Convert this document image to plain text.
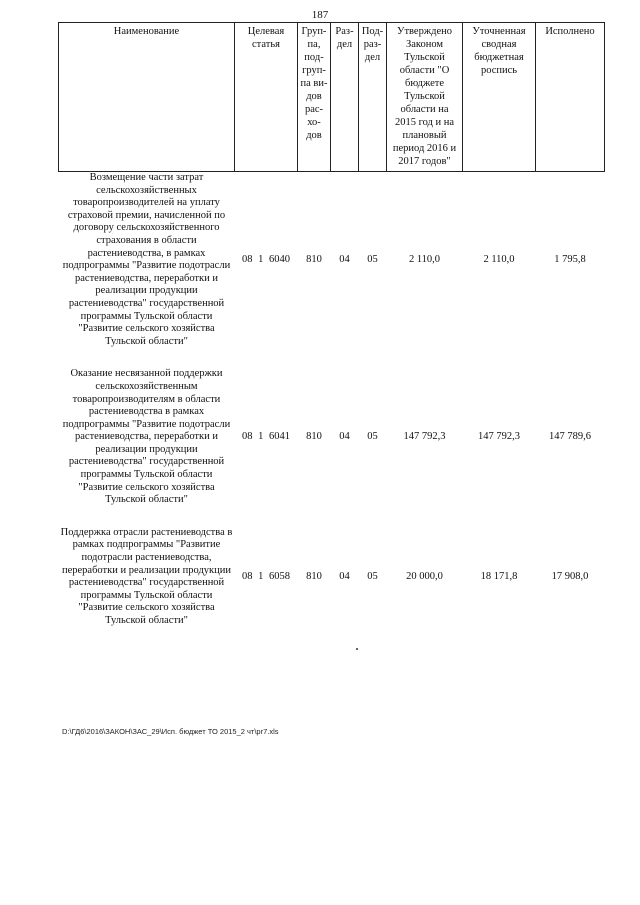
187
Наименование	Целевая статья	Груп-па, под-груп-па ви-дов рас-хо-дов	Раз-дел	Под-раз-дел	Утверждено Законом Тульской области "О бюджете Тульской области на 2015 год и на плановый период 2016 и 2017 годов"	Уточненная сводная бюджетная роспись	Исполнено
Возмещение части затрат сельскохозяйственных товаропроизводителей на уплату страховой премии, начисленной по договору сельскохозяйственного страхования в области растениеводства, в рамках подпрограммы "Развитие подотрасли растениеводства, переработки и реализации продукции растениеводства" государственной программы Тульской области "Развитие сельского хозяйства Тульской области"	08 1 6040	810	04	05	2 110,0	2 110,0	1 795,8

Оказание несвязанной поддержки сельскохозяйственным товаропроизводителям в области растениеводства в рамках подпрограммы "Развитие подотрасли растениеводства, переработки и реализации продукции растениеводства" государственной программы Тульской области "Развитие сельского хозяйства Тульской области"	08 1 6041	810	04	05	147 792,3	147 792,3	147 789,6

Поддержка отрасли растениеводства в рамках подпрограммы "Развитие подотрасли растениеводства, переработки и реализации продукции растениеводства" государственной программы Тульской области "Развитие сельского хозяйства Тульской области"	08 1 6058	810	04	05	20 000,0	18 171,8	17 908,0
D:\ГД6\2016\ЗАКОН\ЗАС_29\Исп. бюджет ТО 2015_2 чт\pr7.xls
